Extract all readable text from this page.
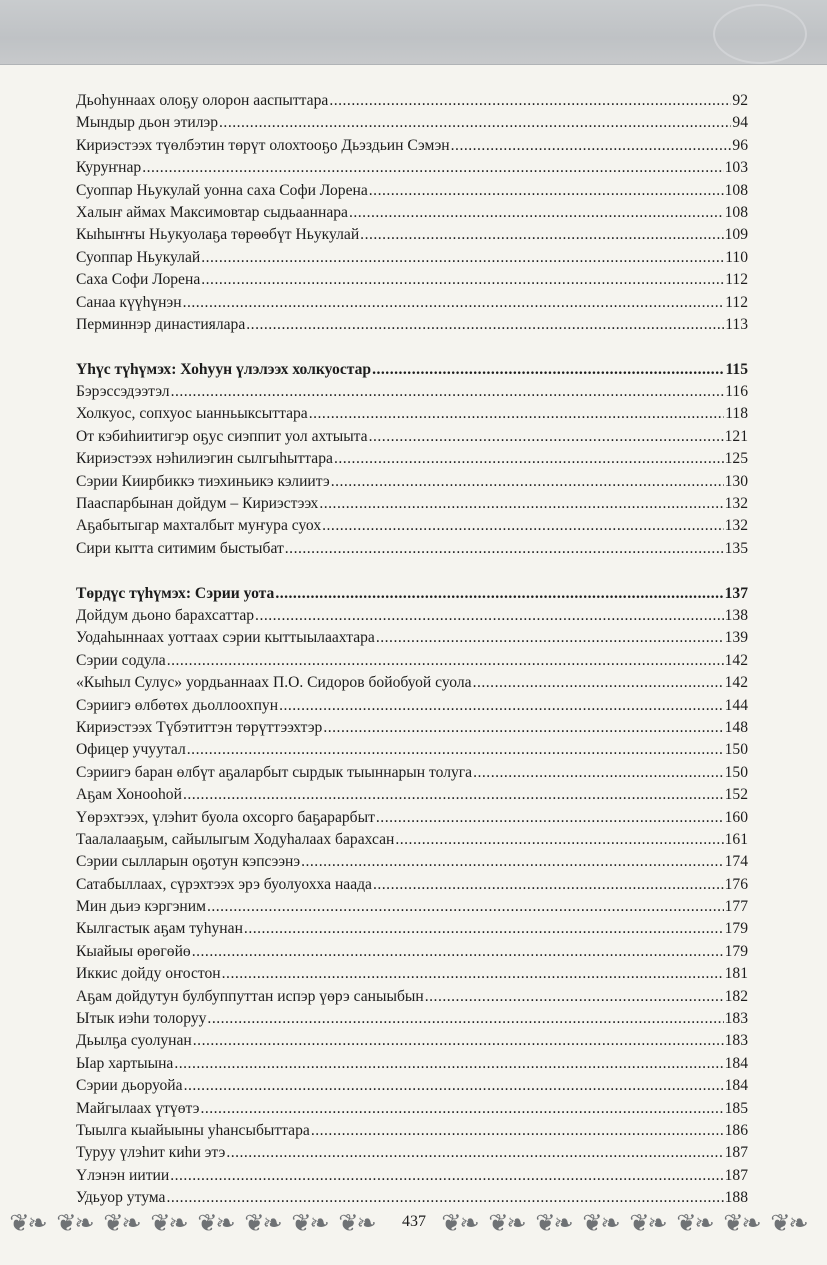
Дьоһуннаах олоҕу олорон ааспыттара .....	92
Мындыр дьон этилэр .....	94
Кириэстээх түөлбэтин төрүт олохтооҕо Дьэздьин Сэмэн .....	96
Куруҥнар .....	103
Суоппар Ньукулай уонна саха Софи Лорена .....	108
Халыҥ аймах Максимовтар сыдьааннара .....	108
Кыһыҥҥы Ньукуолаҕа төрөөбүт Ньукулай .....	109
Суоппар Ньукулай .....	110
Саха Софи Лорена .....	112
Санаа күүһүнэн .....	112
Перминнэр династиялара .....	113
Үһүс түһүмэх: Хоһуун үлэлээх холкуостар .....	115
Бэрэссэдээтэл .....	116
Холкуос, сопхуос ыанньыксыттара .....	118
От кэбиһиитигэр оҕус сиэппит уол ахтыыта .....	121
Кириэстээх нэһилиэгин сылгыһыттара .....	125
Сэрии Киирбиккэ тиэхиньикэ кэлиитэ .....	130
Пааспарбынан дойдум – Кириэстээх .....	132
Аҕабытыгар махталбыт муҥура суох .....	132
Сири кытта ситимим быстыбат .....	135
Төрдүс түһүмэх: Сэрии уота .....	137
Дойдум дьоно барахсаттар .....	138
Уодаһыннаах уоттаах сэрии кыттыылаахтара .....	139
Сэрии содула .....	142
«Кыһыл Сулус» уордьаннаах П.О. Сидоров бойобуой суола .....	142
Сэриигэ өлбөтөх дьоллоохпун .....	144
Кириэстээх Түбэтиттэн төрүттээхтэр .....	148
Офицер учуутал .....	150
Сэриигэ баран өлбүт аҕаларбыт сырдык тыыннарын толуга .....	150
Аҕам Хонооһой .....	152
Үөрэхтээх, үлэһит буола охсорго баҕарарбыт .....	160
Таалалааҕым, сайылыгым Ходуһалаах барахсан .....	161
Сэрии сылларын оҕотун кэпсээнэ .....	174
Сатабыллаах, сүрэхтээх эрэ буолуохха наада .....	176
Мин дьиэ кэргэним .....	177
Кылгастык аҕам туһунан .....	179
Кыайыы өрөгөйө .....	179
Иккис дойду оҥостон .....	181
Аҕам дойдутун булбуппуттан испэр үөрэ саныыбын .....	182
Ытык иэһи толоруу .....	183
Дьылҕа суолунан .....	183
Ыар хартыына .....	184
Сэрии дьоруойа .....	184
Майгылаах үтүөтэ .....	185
Тыылга кыайыыны уһансыбыттара .....	186
Туруу үлэһит киһи этэ .....	187
Үлэнэн иитии .....	187
Удьуор утума .....	188
❦❧ ❦❧ ❦❧ ❦❧ ❦❧ ❦❧ ❦❧ ❦❧	437 ❦❧ ❦❧ ❦❧ ❦❧ ❦❧ ❦❧ ❦❧ ❦❧
